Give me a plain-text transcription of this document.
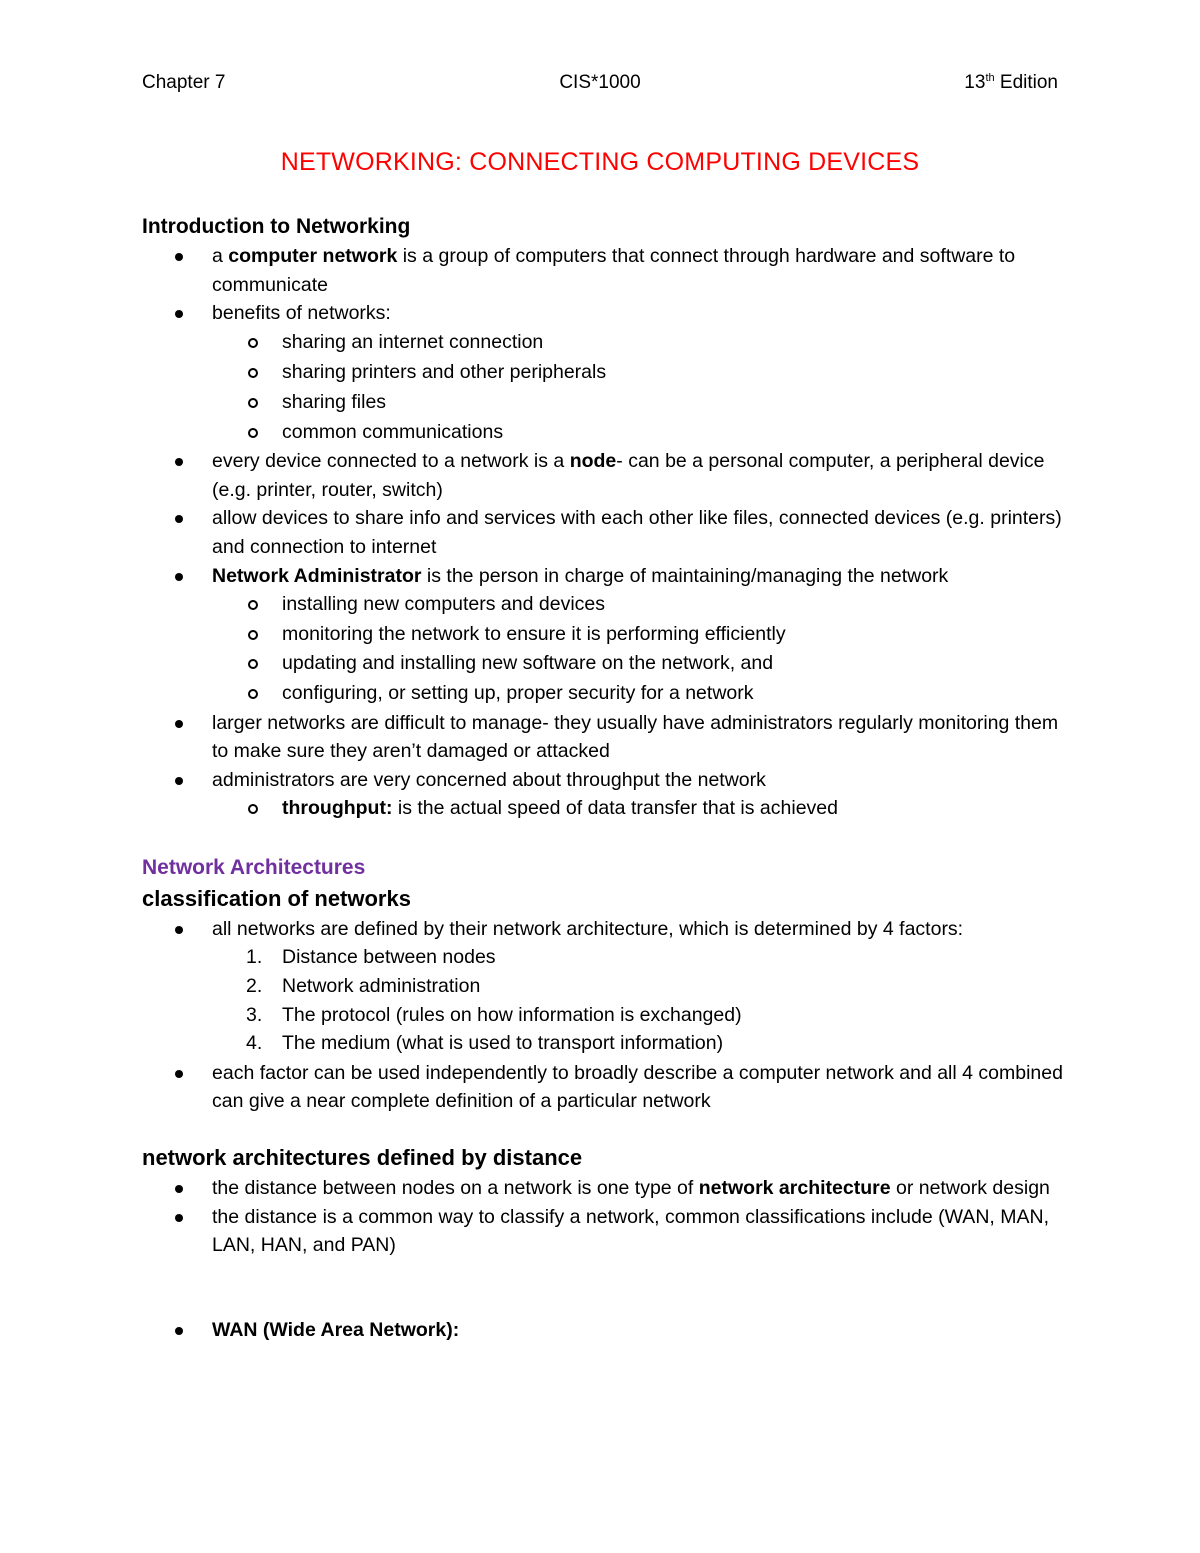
Chapter 7	CIS*1000	13th Edition
NETWORKING: CONNECTING COMPUTING DEVICES
Introduction to Networking
a computer network is a group of computers that connect through hardware and software to communicate
benefits of networks:
sharing an internet connection
sharing printers and other peripherals
sharing files
common communications
every device connected to a network is a node- can be a personal computer, a peripheral device (e.g. printer, router, switch)
allow devices to share info and services with each other like files, connected devices (e.g. printers) and connection to internet
Network Administrator is the person in charge of maintaining/managing the network
installing new computers and devices
monitoring the network to ensure it is performing efficiently
updating and installing new software on the network, and
configuring, or setting up, proper security for a network
larger networks are difficult to manage- they usually have administrators regularly monitoring them to make sure they aren’t damaged or attacked
administrators are very concerned about throughput the network
throughput: is the actual speed of data transfer that is achieved
Network Architectures
classification of networks
all networks are defined by their network architecture, which is determined by 4 factors:
1. Distance between nodes
2. Network administration
3. The protocol (rules on how information is exchanged)
4. The medium (what is used to transport information)
each factor can be used independently to broadly describe a computer network and all 4 combined can give a near complete definition of a particular network
network architectures defined by distance
the distance between nodes on a network is one type of network architecture or network design
the distance is a common way to classify a network, common classifications include (WAN, MAN, LAN, HAN, and PAN)
WAN (Wide Area Network):
